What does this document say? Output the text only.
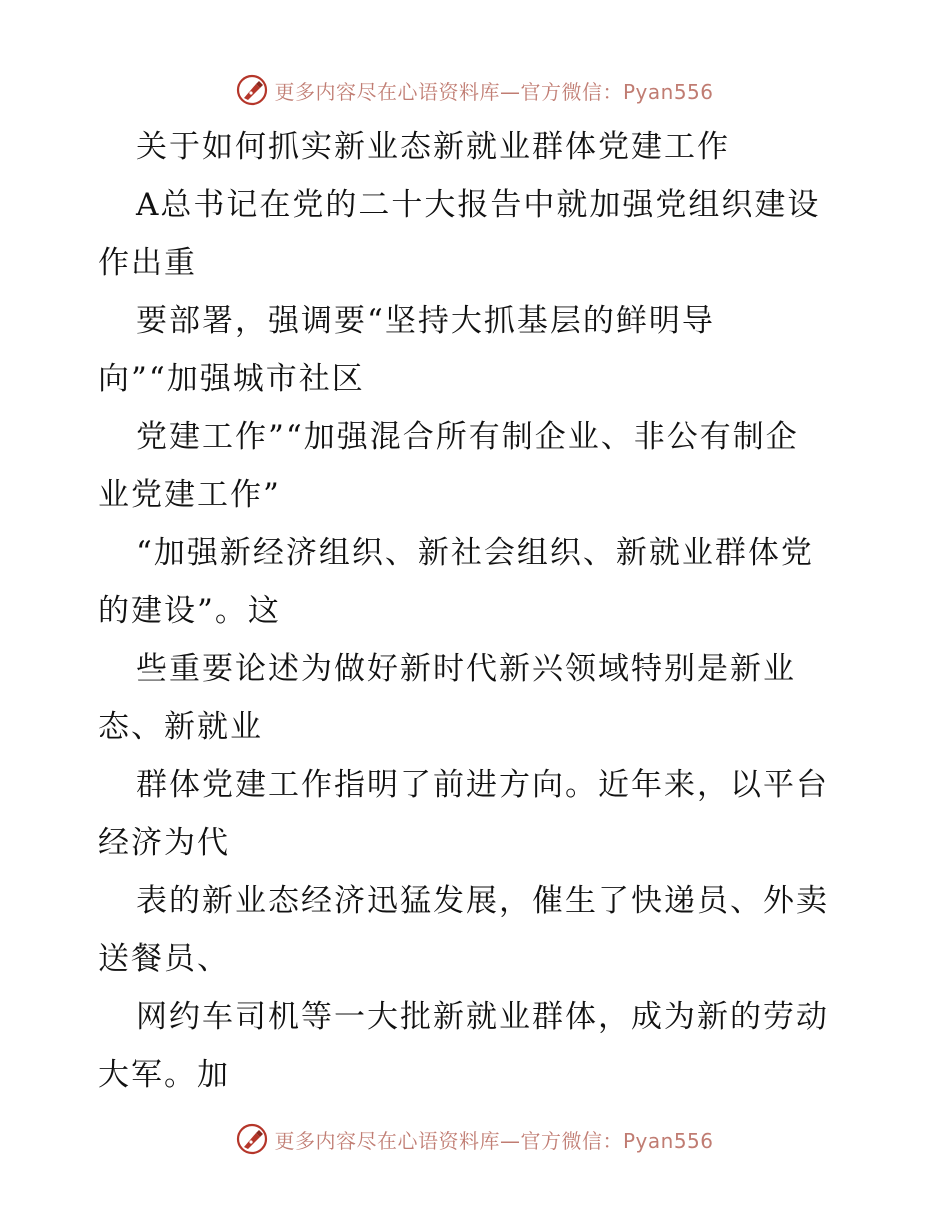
更多内容尽在心语资料库—官方微信：Pyan556
关于如何抓实新业态新就业群体党建工作
A总书记在党的二十大报告中就加强党组织建设
作出重
要部署，强调要“坚持大抓基层的鲜明导
向”“加强城市社区
党建工作”“加强混合所有制企业、非公有制企
业党建工作”
“加强新经济组织、新社会组织、新就业群体党
的建设”。这
些重要论述为做好新时代新兴领域特别是新业
态、新就业
群体党建工作指明了前进方向。近年来，以平台
经济为代
表的新业态经济迅猛发展，催生了快递员、外卖
送餐员、
网约车司机等一大批新就业群体，成为新的劳动
大军。加
更多内容尽在心语资料库—官方微信：Pyan556
